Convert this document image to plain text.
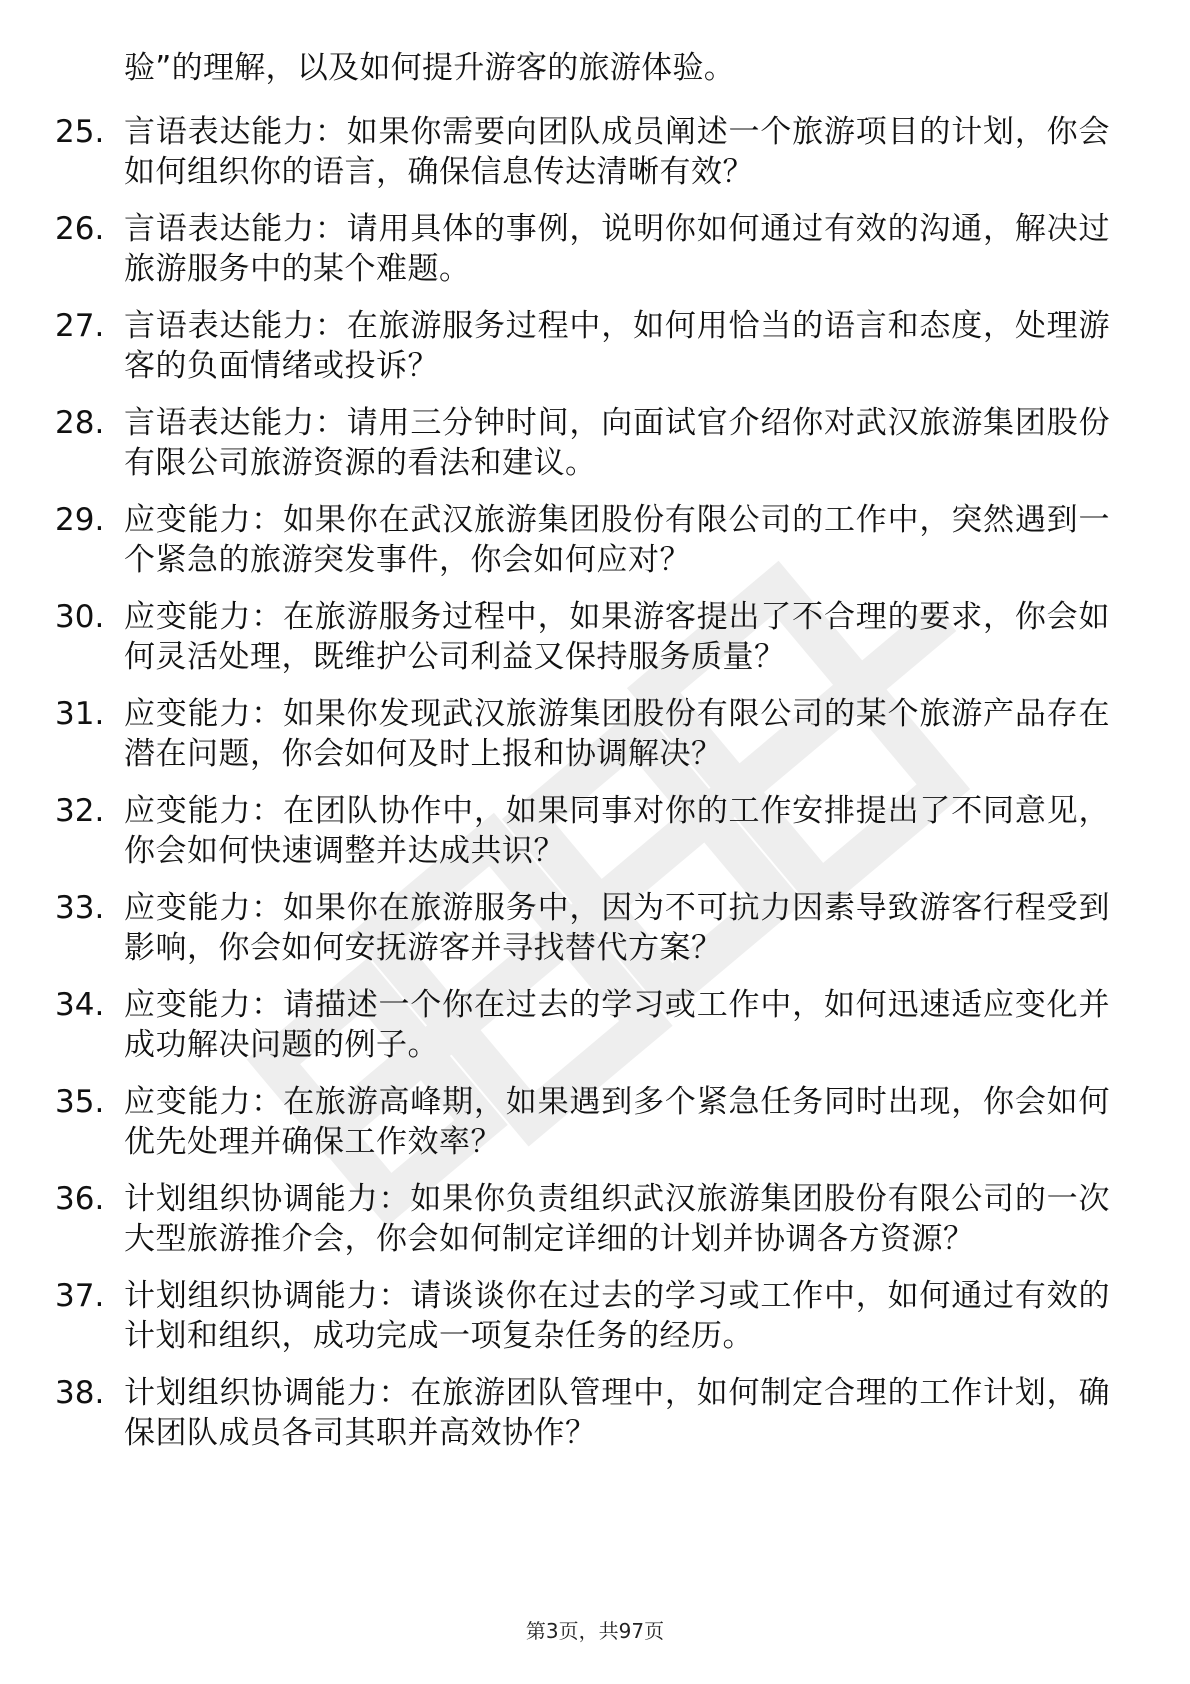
验”的理解，以及如何提升游客的旅游体验。
25. 言语表达能力：如果你需要向团队成员阐述一个旅游项目的计划，你会如何组织你的语言，确保信息传达清晰有效？
26. 言语表达能力：请用具体的事例，说明你如何通过有效的沟通，解决过旅游服务中的某个难题。
27. 言语表达能力：在旅游服务过程中，如何用恰当的语言和态度，处理游客的负面情绪或投诉？
28. 言语表达能力：请用三分钟时间，向面试官介绍你对武汉旅游集团股份有限公司旅游资源的看法和建议。
29. 应变能力：如果你在武汉旅游集团股份有限公司的工作中，突然遇到一个紧急的旅游突发事件，你会如何应对？
30. 应变能力：在旅游服务过程中，如果游客提出了不合理的要求，你会如何灵活处理，既维护公司利益又保持服务质量？
31. 应变能力：如果你发现武汉旅游集团股份有限公司的某个旅游产品存在潜在问题，你会如何及时上报和协调解决？
32. 应变能力：在团队协作中，如果同事对你的工作安排提出了不同意见，你会如何快速调整并达成共识？
33. 应变能力：如果你在旅游服务中，因为不可抗力因素导致游客行程受到影响，你会如何安抚游客并寻找替代方案？
34. 应变能力：请描述一个你在过去的学习或工作中，如何迅速适应变化并成功解决问题的例子。
35. 应变能力：在旅游高峰期，如果遇到多个紧急任务同时出现，你会如何优先处理并确保工作效率？
36. 计划组织协调能力：如果你负责组织武汉旅游集团股份有限公司的一次大型旅游推介会，你会如何制定详细的计划并协调各方资源？
37. 计划组织协调能力：请谈谈你在过去的学习或工作中，如何通过有效的计划和组织，成功完成一项复杂任务的经历。
38. 计划组织协调能力：在旅游团队管理中，如何制定合理的工作计划，确保团队成员各司其职并高效协作？
第3页，共97页
